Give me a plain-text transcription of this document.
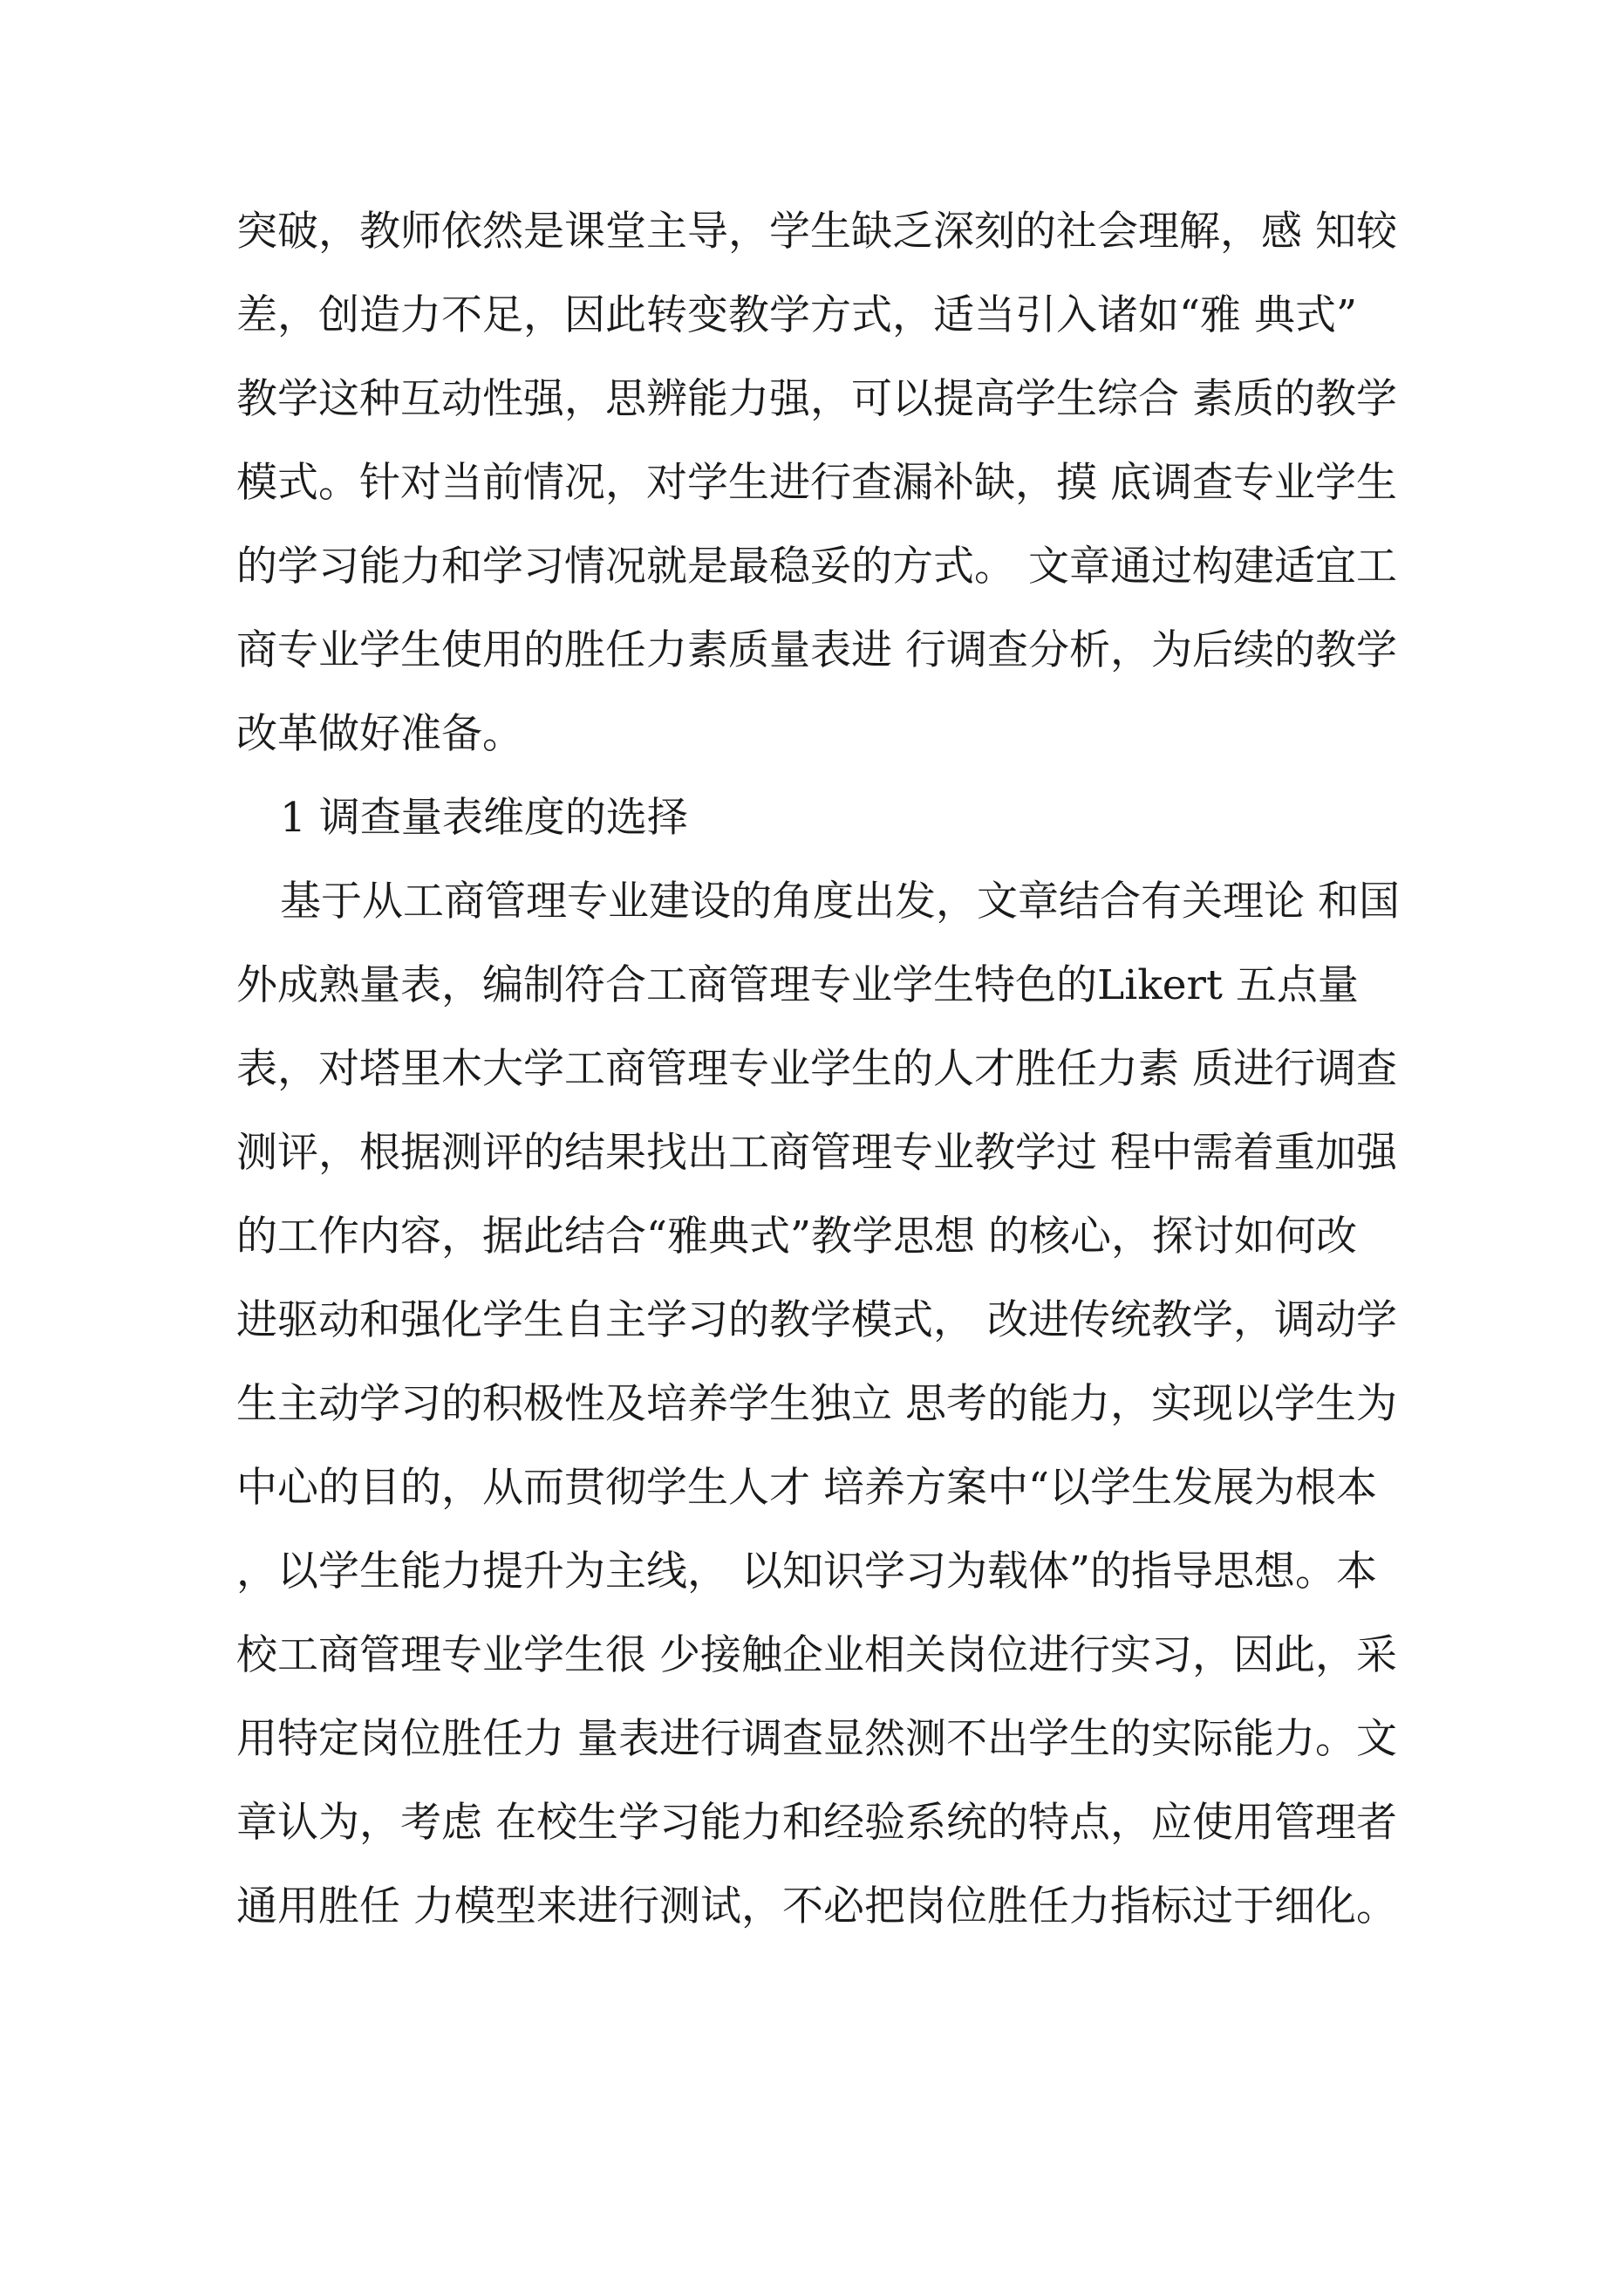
突破，教师依然是课堂主导，学生缺乏深刻的社会理解，感 知较
差，创造力不足，因此转变教学方式，适当引入诸如“雅 典式”
教学这种互动性强，思辨能力强，可以提高学生综合 素质的教学
模式。针对当前情况，对学生进行查漏补缺，摸 底调查专业学生
的学习能力和学习情况就是最稳妥的方式。 文章通过构建适宜工
商专业学生使用的胜任力素质量表进 行调查分析，为后续的教学
改革做好准备。
1 调查量表维度的选择
基于从工商管理专业建设的角度出发，文章结合有关理论 和国
外成熟量表，编制符合工商管理专业学生特色的Likert 五点量
表，对塔里木大学工商管理专业学生的人才胜任力素 质进行调查
测评，根据测评的结果找出工商管理专业教学过 程中需着重加强
的工作内容，据此结合“雅典式”教学思想 的核心，探讨如何改
进驱动和强化学生自主学习的教学模式， 改进传统教学，调动学
生主动学习的积极性及培养学生独立 思考的能力，实现以学生为
中心的目的，从而贯彻学生人才 培养方案中“以学生发展为根本
，以学生能力提升为主线， 以知识学习为载体”的指导思想。本
校工商管理专业学生很 少接触企业相关岗位进行实习，因此，采
用特定岗位胜任力 量表进行调查显然测不出学生的实际能力。文
章认为，考虑 在校生学习能力和经验系统的特点，应使用管理者
通用胜任 力模型来进行测试，不必把岗位胜任力指标过于细化。
